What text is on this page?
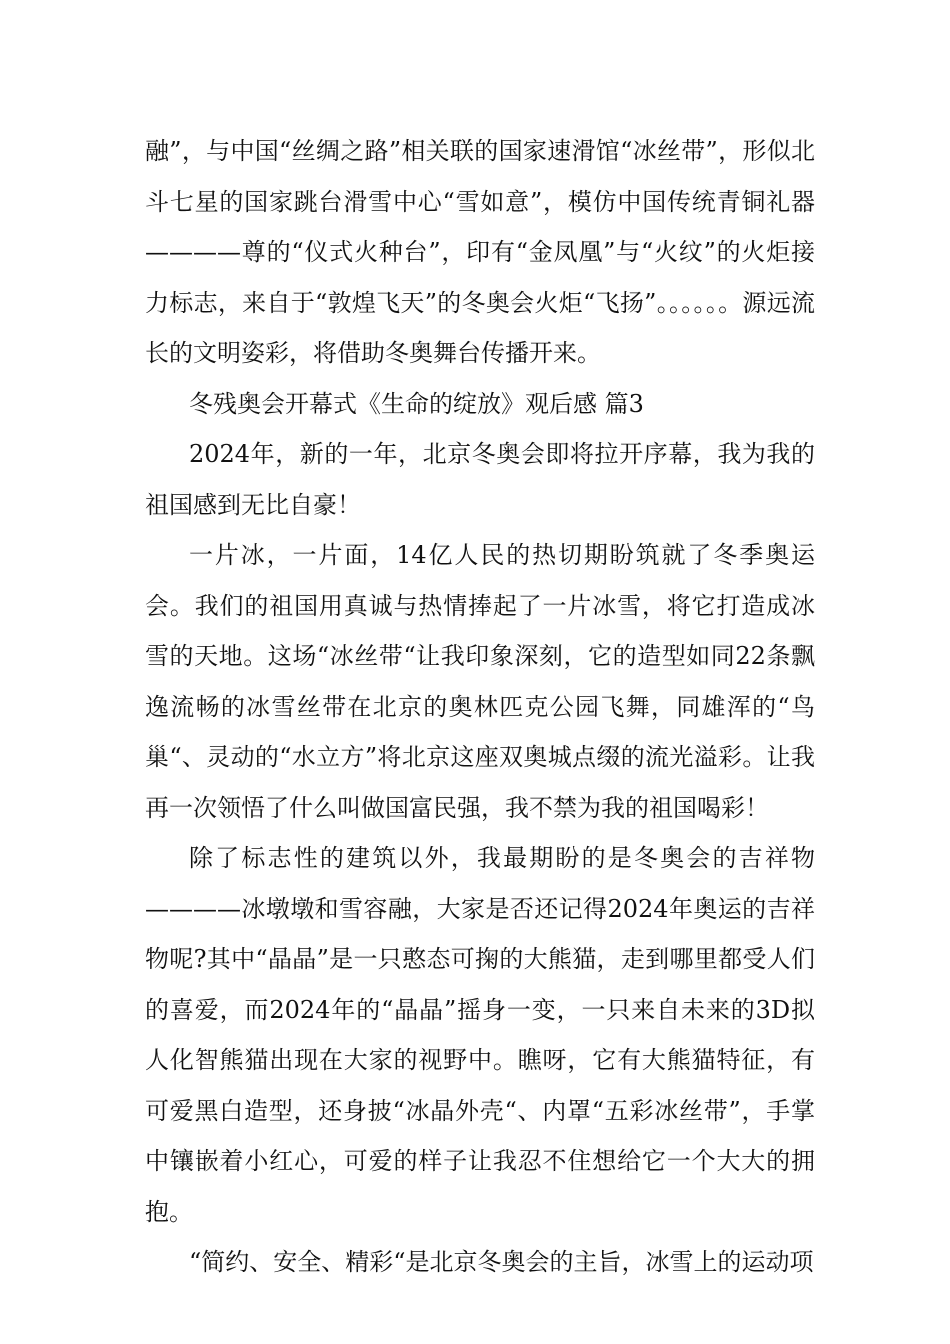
融”，与中国“丝绸之路”相关联的国家速滑馆“冰丝带”，形似北斗七星的国家跳台滑雪中心“雪如意”，模仿中国传统青铜礼器————尊的“仪式火种台”，印有“金凤凰”与“火纹”的火炬接力标志，来自于“敦煌飞天”的冬奥会火炬“飞扬”。。。。。。源远流长的文明姿彩，将借助冬奥舞台传播开来。

冬残奥会开幕式《生命的绽放》观后感 篇3

2024年，新的一年，北京冬奥会即将拉开序幕，我为我的祖国感到无比自豪！

一片冰，一片面，14亿人民的热切期盼筑就了冬季奥运会。我们的祖国用真诚与热情捧起了一片冰雪，将它打造成冰雪的天地。这场“冰丝带“让我印象深刻，它的造型如同22条飘逸流畅的冰雪丝带在北京的奥林匹克公园飞舞，同雄浑的“鸟巢“、灵动的“水立方”将北京这座双奥城点缀的流光溢彩。让我再一次领悟了什么叫做国富民强，我不禁为我的祖国喝彩！

除了标志性的建筑以外，我最期盼的是冬奥会的吉祥物————冰墩墩和雪容融，大家是否还记得2024年奥运的吉祥物呢?其中“晶晶”是一只憨态可掬的大熊猫，走到哪里都受人们的喜爱，而2024年的“晶晶”摇身一变，一只来自未来的3D拟人化智熊猫出现在大家的视野中。瞧呀，它有大熊猫特征，有可爱黑白造型，还身披“冰晶外壳“、内罩“五彩冰丝带”，手掌中镶嵌着小红心，可爱的样子让我忍不住想给它一个大大的拥抱。

“简约、安全、精彩“是北京冬奥会的主旨，冰雪上的运动项
